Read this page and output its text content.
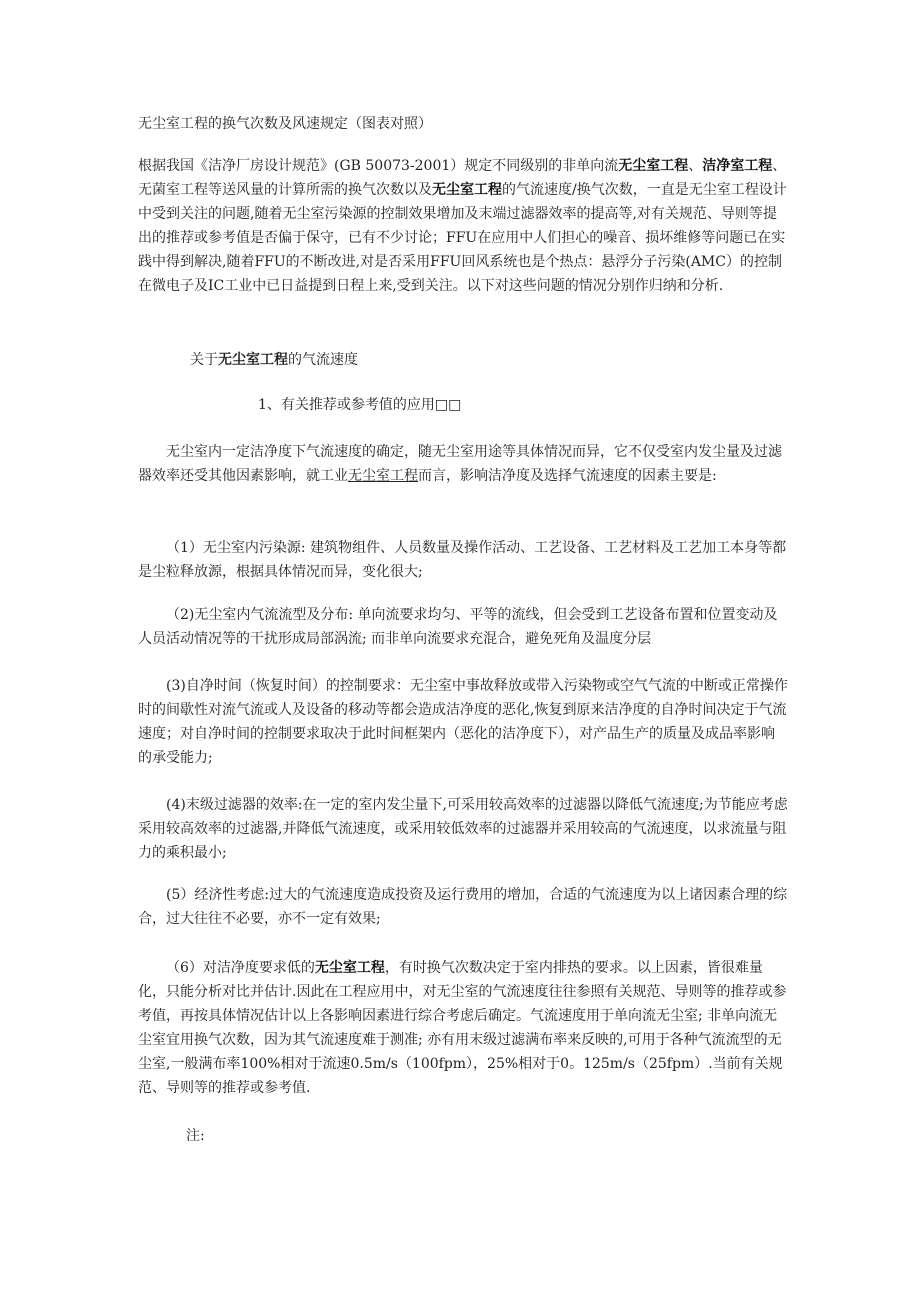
无尘室工程的换气次数及风速规定（图表对照）

根据我国《洁净厂房设计规范》(GB 50073-2001）规定不同级别的非单向流无尘室工程、洁净室工程、无菌室工程等送风量的计算所需的换气次数以及无尘室工程的气流速度/换气次数，一直是无尘室工程设计中受到关注的问题,随着无尘室污染源的控制效果增加及末端过滤器效率的提高等,对有关规范、导则等提出的推荐或参考值是否偏于保守，已有不少讨论；FFU在应用中人们担心的噪音、损坏维修等问题已在实践中得到解决,随着FFU的不断改进,对是否采用FFU回风系统也是个热点：悬浮分子污染(AMC）的控制在微电子及IC工业中已日益提到日程上来,受到关注。以下对这些问题的情况分别作归纳和分析.

关于无尘室工程的气流速度
1、有关推荐或参考值的应用□□

无尘室内一定洁净度下气流速度的确定，随无尘室用途等具体情况而异，它不仅受室内发尘量及过滤器效率还受其他因素影响，就工业无尘室工程而言，影响洁净度及选择气流速度的因素主要是:

（1）无尘室内污染源: 建筑物组件、人员数量及操作活动、工艺设备、工艺材料及工艺加工本身等都是尘粒释放源，根据具体情况而异，变化很大;

（2)无尘室内气流流型及分布: 单向流要求均匀、平等的流线，但会受到工艺设备布置和位置变动及人员活动情况等的干扰形成局部涡流; 而非单向流要求充混合，避免死角及温度分层

(3)自净时间（恢复时间）的控制要求：无尘室中事故释放或带入污染物或空气气流的中断或正常操作时的间歇性对流气流或人及设备的移动等都会造成洁净度的恶化,恢复到原来洁净度的自净时间决定于气流速度；对自净时间的控制要求取决于此时间框架内（恶化的洁净度下），对产品生产的质量及成品率影响的承受能力;

(4)末级过滤器的效率:在一定的室内发尘量下,可采用较高效率的过滤器以降低气流速度;为节能应考虑采用较高效率的过滤器,并降低气流速度，或采用较低效率的过滤器并采用较高的气流速度，以求流量与阻力的乘积最小;

(5）经济性考虑:过大的气流速度造成投资及运行费用的增加，合适的气流速度为以上诸因素合理的综合，过大往往不必要，亦不一定有效果;

（6）对洁净度要求低的无尘室工程，有时换气次数决定于室内排热的要求。以上因素，皆很难量化，只能分析对比并估计.因此在工程应用中，对无尘室的气流速度往往参照有关规范、导则等的推荐或参考值，再按具体情况估计以上各影响因素进行综合考虑后确定。气流速度用于单向流无尘室; 非单向流无尘室宜用换气次数，因为其气流速度难于测准; 亦有用末级过滤满布率来反映的,可用于各种气流流型的无尘室,一般满布率100%相对于流速0.5m/s（100fpm），25%相对于0。125m/s（25fpm）.当前有关规范、导则等的推荐或参考值.

注:
